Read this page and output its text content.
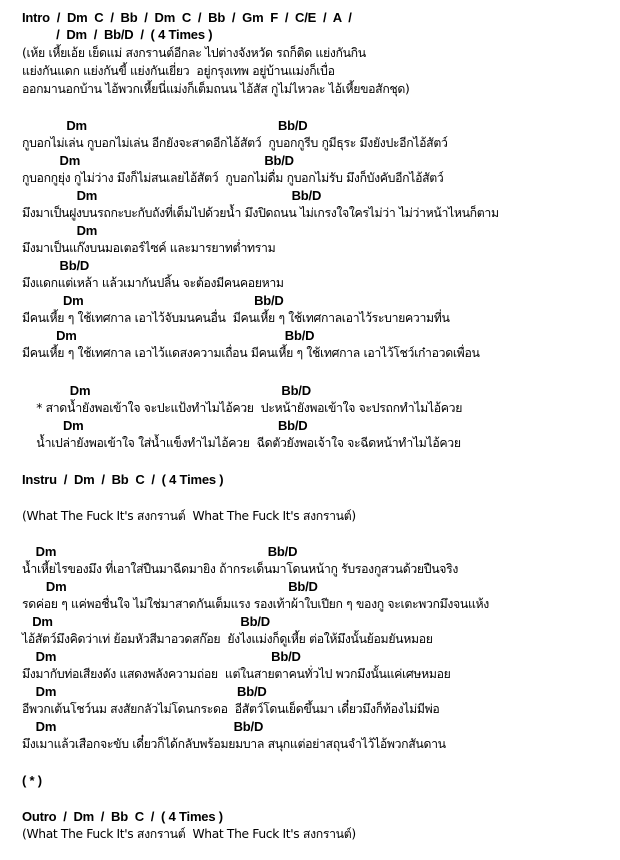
Intro  /  Dm  C  /  Bb  /  Dm  C  /  Bb  /  Gm  F  /  C/E  /  A  /

/  Dm  /  Bb/D  /  ( 4 Times )

(เห้ย เหี้ยเอ้ย เย็ดแม่ สงกรานต์อีกละ ไปต่างจังหวัด รถก็ติด แย่งกันกิน

แย่งกันแดก แย่งกันขี้ แย่งกันเยี่ยว  อยู่กรุงเทพ อยู่บ้านแม่งก็เบื่อ

ออกมานอกบ้าน ไอ้พวกเหี้ยนี่แม่งก็เต็มถนน ไอ้สัส กูไม่ไหวละ ไอ้เหี้ยขอสักชุด)

Dm                                                        Bb/D

กูบอกไม่เล่น กูบอกไม่เล่น อีกยังจะสาดอีกไอ้สัตว์  กูบอกกูรีบ กูมีธุระ มึงยังปะอีกไอ้สัตว์

Dm                                                      Bb/D

กูบอกกูยุ่ง กูไม่ว่าง มึงก็ไม่สนเลยไอ้สัตว์  กูบอกไม่ดื่ม กูบอกไม่รับ มึงก็บังคับอีกไอ้สัตว์

Dm                                                         Bb/D

มึงมาเป็นฝูงบนรถกะบะกับถังที่เต็มไปด้วยน้ำ มึงปิดถนน ไม่เกรงใจใครไม่ว่า ไม่ว่าหน้าไหนก็ตาม

Dm

มึงมาเป็นแก๊งบนมอเตอร์ไซค์ และมารยาทต่ำทราม

Bb/D

มึงแดกแต่เหล้า แล้วเมากันปลิ้น จะต้องมีคนคอยหาม

Dm                                                  Bb/D

มีคนเหี้ย ๆ ใช้เทศกาล เอาไว้จับมนคนอื่น  มีคนเหี้ย ๆ ใช้เทศกาลเอาไว้ระบายความที่น

Dm                                                             Bb/D

มีคนเหี้ย ๆ ใช้เทศกาล เอาไว้แดสงความเถื่อน มีคนเหี้ย ๆ ใช้เทศกาล เอาไว้โชว์เก๋าอวดเพื่อน

Dm                                                        Bb/D

* สาดน้ำยังพอเข้าใจ จะปะแป้งทำไมไอ้ควย  ปะหน้ายังพอเข้าใจ จะปรถกทำไมไอ้ควย

Dm                                                         Bb/D

น้ำเปล่ายังพอเข้าใจ ใส่น้ำแข็งทำไมไอ้ควย  ฉีดตัวยังพอเจ้าใจ จะฉีดหน้าทำไมไอ้ควย

Instru  /  Dm  /  Bb  C  /  ( 4 Times )

(What The Fuck It's สงกรานต์  What The Fuck It's สงกรานต์)

Dm                                                              Bb/D

น้ำเหี้ยไรของมึง ที่เอาใส่ปืนมาฉีดมายิง ถ้ากระเด็นมาโดนหน้ากู รับรองกูสวนด้วยปืนจริง

Dm                                                                 Bb/D

รดค่อย ๆ แค่พอชื่นใจ ไม่ใช่มาสาดกันเต็มแรง รองเท้าผ้าใบเปียก ๆ ของกู จะเตะพวกมึงจนแห้ง

Dm                                                       Bb/D

ไอ้สัตว์มึงคิดว่าเท่ ย้อมหัวสีมาอวดสก๊อย  ยังไงแม่งก็ดูเหี้ย ต่อให้มึงนั้นย้อมยันหมอย

Dm                                                               Bb/D

มึงมากับท่อเสียงดัง แสดงพลังความถ่อย  แต่ในสายตาคนทั่วไป พวกมึงนั้นแค่เศษหมอย

Dm                                                     Bb/D

อีพวกเต้นโชว์นม สงสัยกลัวไม่โดนกระดอ  อีสัตว์โดนเย็ดขึ้นมา เดี๋ยวมึงก็ท้องไม่มีพ่อ

Dm                                                    Bb/D

มึงเมาแล้วเสือกจะขับ เดี๋ยวก็ได้กลับพร้อมยมบาล สนุกแต่อย่าสถุนจำไว้ไอ้พวกสันดาน

( * )

Outro  /  Dm  /  Bb  C  /  ( 4 Times )

(What The Fuck It's สงกรานต์  What The Fuck It's สงกรานต์)
